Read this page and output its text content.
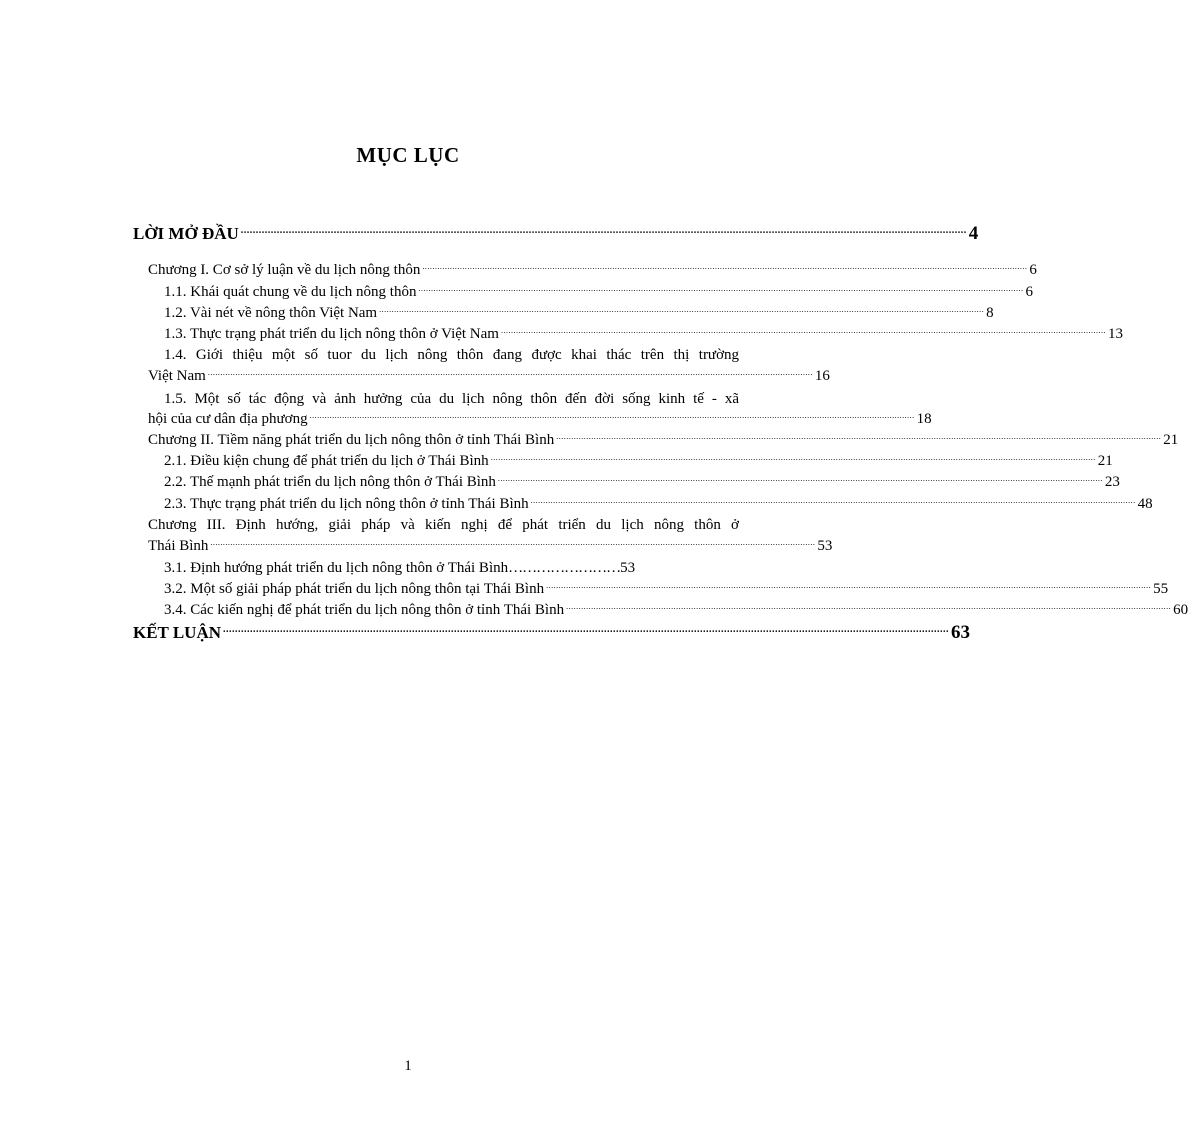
MỤC LỤC
LỜI MỞ ĐẦU .................................................................................................................................................................................................................................................. 4
Chương I. Cơ sở lý luận về du lịch nông thôn .................................................................................................................................................................................................................................................. 6
1.1. Khái quát chung về du lịch nông thôn .................................................................................................................................................................................................................................................. 6
1.2. Vài nét về nông thôn Việt Nam .................................................................................................................................................................................................................................................. 8
1.3. Thực trạng phát triển du lịch nông thôn ở Việt Nam .................................................................................................................................................................................................................................................. 13
1.4. Giới thiệu một số tuor du lịch nông thôn đang được khai thác trên thị trường
Việt Nam .................................................................................................................................................................................................................................................. 16
1.5. Một số tác động và ảnh hưởng của du lịch nông thôn đến đời sống kinh tế - xã
hội của cư dân địa phương .................................................................................................................................................................................................................................................. 18
Chương II. Tiềm năng phát triển du lịch nông thôn ở tỉnh Thái Bình .................................................................................................................................................................................................................................................. 21
2.1. Điều kiện chung để phát triển du lịch ở Thái Bình .................................................................................................................................................................................................................................................. 21
2.2. Thế mạnh phát triển du lịch nông thôn ở Thái Bình .................................................................................................................................................................................................................................................. 23
2.3. Thực trạng phát triển du lịch nông thôn ở tỉnh Thái Bình .................................................................................................................................................................................................................................................. 48
Chương III. Định hướng, giải pháp và kiến nghị để phát triển du lịch nông thôn ở
Thái Bình .................................................................................................................................................................................................................................................. 53
3.1. Định hướng phát triển du lịch nông thôn ở Thái Bình …………………… 53
3.2. Một số giải pháp phát triển du lịch nông thôn tại Thái Bình .................................................................................................................................................................................................................................................. 55
3.4. Các kiến nghị để phát triển du lịch nông thôn ở tỉnh Thái Bình .................................................................................................................................................................................................................................................. 60
KẾT LUẬN .................................................................................................................................................................................................................................................. 63
1
